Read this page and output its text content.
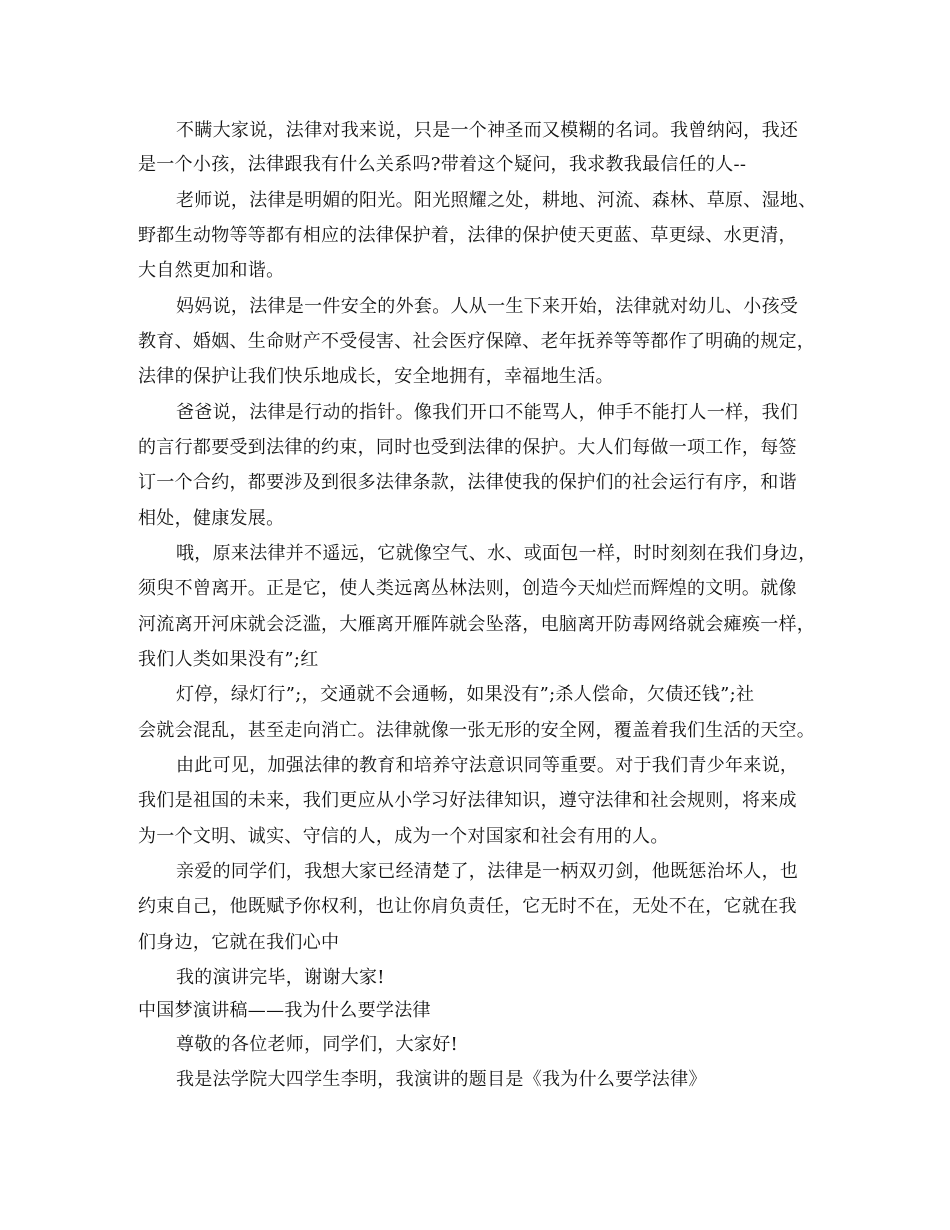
不瞒大家说，法律对我来说，只是一个神圣而又模糊的名词。我曾纳闷，我还
是一个小孩，法律跟我有什么关系吗?带着这个疑问，我求教我最信任的人--
老师说，法律是明媚的阳光。阳光照耀之处，耕地、河流、森林、草原、湿地、
野都生动物等等都有相应的法律保护着，法律的保护使天更蓝、草更绿、水更清，
大自然更加和谐。
妈妈说，法律是一件安全的外套。人从一生下来开始，法律就对幼儿、小孩受
教育、婚姻、生命财产不受侵害、社会医疗保障、老年抚养等等都作了明确的规定，
法律的保护让我们快乐地成长，安全地拥有，幸福地生活。
爸爸说，法律是行动的指针。像我们开口不能骂人，伸手不能打人一样，我们
的言行都要受到法律的约束，同时也受到法律的保护。大人们每做一项工作，每签
订一个合约，都要涉及到很多法律条款，法律使我的保护们的社会运行有序，和谐
相处，健康发展。
哦，原来法律并不遥远，它就像空气、水、或面包一样，时时刻刻在我们身边，
须臾不曾离开。正是它，使人类远离丛林法则，创造今天灿烂而辉煌的文明。就像
河流离开河床就会泛滥，大雁离开雁阵就会坠落，电脑离开防毒网络就会瘫痪一样，
我们人类如果没有”;红
灯停，绿灯行”;，交通就不会通畅，如果没有”;杀人偿命，欠债还钱”;社
会就会混乱，甚至走向消亡。法律就像一张无形的安全网，覆盖着我们生活的天空。
由此可见，加强法律的教育和培养守法意识同等重要。对于我们青少年来说，
我们是祖国的未来，我们更应从小学习好法律知识，遵守法律和社会规则，将来成
为一个文明、诚实、守信的人，成为一个对国家和社会有用的人。
亲爱的同学们，我想大家已经清楚了，法律是一柄双刃剑，他既惩治坏人，也
约束自己，他既赋予你权利，也让你肩负责任，它无时不在，无处不在，它就在我
们身边，它就在我们心中
我的演讲完毕，谢谢大家!
中国梦演讲稿——我为什么要学法律
尊敬的各位老师，同学们，大家好!
我是法学院大四学生李明，我演讲的题目是《我为什么要学法律》
